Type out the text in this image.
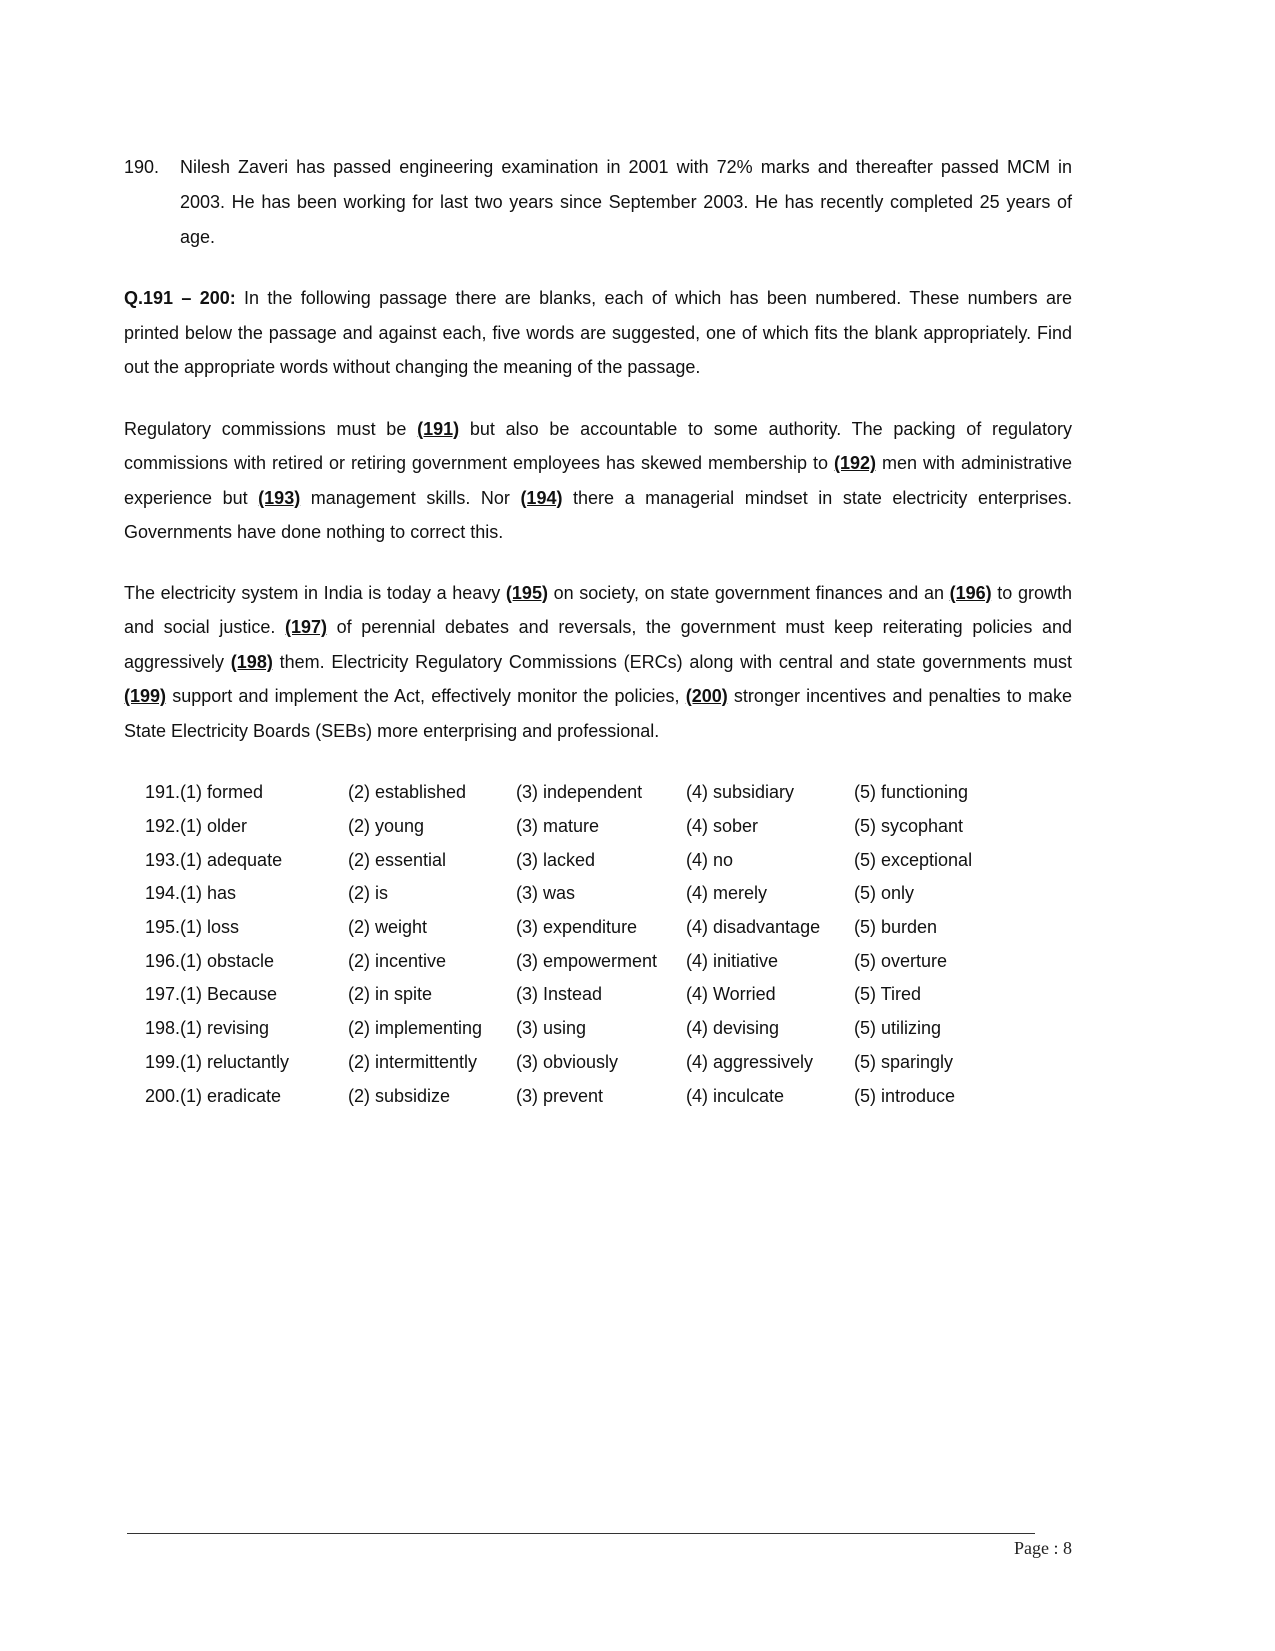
190.	Nilesh Zaveri has passed engineering examination in 2001 with 72% marks and thereafter passed MCM in 2003. He has been working for last two years since September 2003. He has recently completed 25 years of age.

Q.191 – 200: In the following passage there are blanks, each of which has been numbered. These numbers are printed below the passage and against each, five words are suggested, one of which fits the blank appropriately. Find out the appropriate words without changing the meaning of the passage.

Regulatory commissions must be (191) but also be accountable to some authority. The packing of regulatory commissions with retired or retiring government employees has skewed membership to (192) men with administrative experience but (193) management skills. Nor (194) there a managerial mindset in state electricity enterprises. Governments have done nothing to correct this.

The electricity system in India is today a heavy (195) on society, on state government finances and an (196) to growth and social justice. (197) of perennial debates and reversals, the government must keep reiterating policies and aggressively (198) them. Electricity Regulatory Commissions (ERCs) along with central and state governments must (199) support and implement the Act, effectively monitor the policies, (200) stronger incentives and penalties to make State Electricity Boards (SEBs) more enterprising and professional.

191. (1) formed	(2) established	(3) independent	(4) subsidiary	(5) functioning
192. (1) older	(2) young	(3) mature	(4) sober	(5) sycophant
193. (1) adequate	(2) essential	(3) lacked	(4) no	(5) exceptional
194. (1) has	(2) is	(3) was	(4) merely	(5) only
195. (1) loss	(2) weight	(3) expenditure	(4) disadvantage	(5) burden
196. (1) obstacle	(2) incentive	(3) empowerment	(4) initiative	(5) overture
197. (1) Because	(2) in spite	(3) Instead	(4) Worried	(5) Tired
198. (1) revising	(2) implementing	(3) using	(4) devising	(5) utilizing
199. (1) reluctantly	(2) intermittently	(3) obviously	(4) aggressively	(5) sparingly
200. (1) eradicate	(2) subsidize	(3) prevent	(4) inculcate	(5) introduce
Page : 8
